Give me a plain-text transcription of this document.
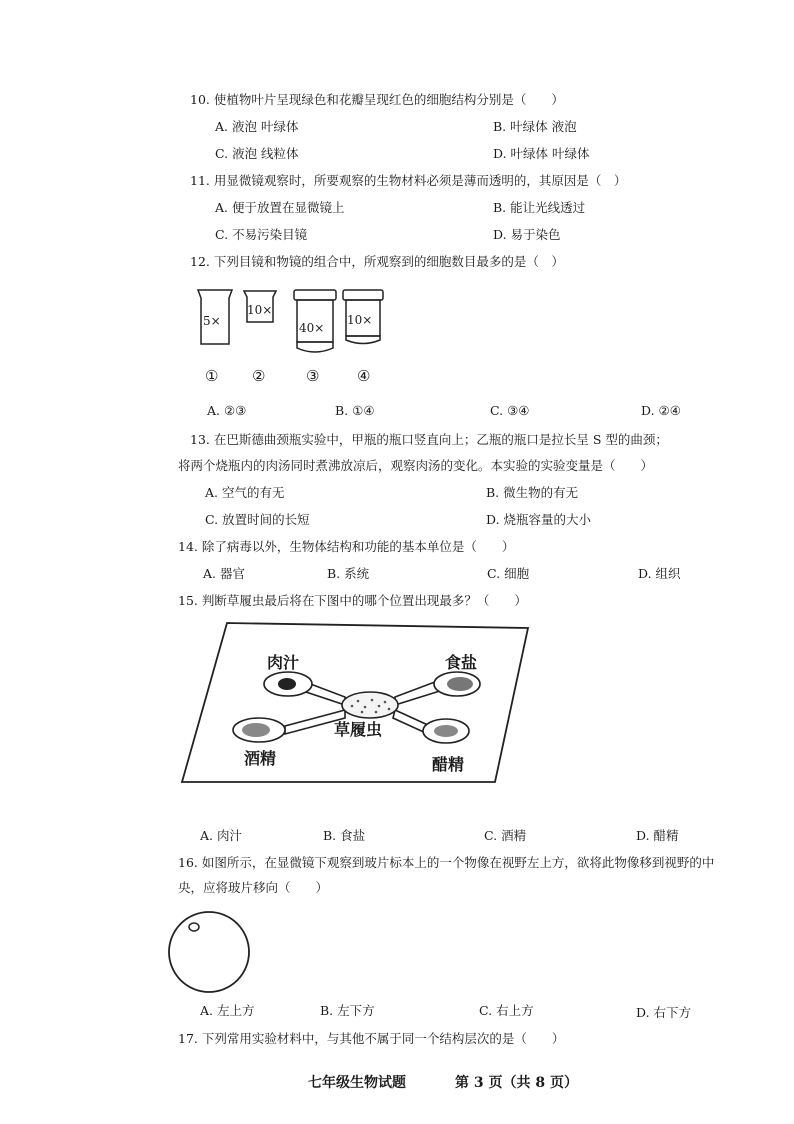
10. 使植物叶片呈现绿色和花瓣呈现红色的细胞结构分别是（　　）
A. 液泡 叶绿体	B. 叶绿体 液泡
C. 液泡 线粒体	D. 叶绿体 叶绿体
11. 用显微镜观察时，所要观察的生物材料必须是薄而透明的，其原因是（　）
A. 便于放置在显微镜上	B. 能让光线透过
C. 不易污染目镜	D. 易于染色
12. 下列目镜和物镜的组合中，所观察到的细胞数目最多的是（　）
5×
10×
40×
10×
① ②	③	④
A. ②③	B. ①④	C. ③④	D. ②④
13. 在巴斯德曲颈瓶实验中，甲瓶的瓶口竖直向上；乙瓶的瓶口是拉长呈 S 型的曲颈；
将两个烧瓶内的肉汤同时煮沸放凉后，观察肉汤的变化。本实验的实验变量是（　　）
A. 空气的有无	B. 微生物的有无
C. 放置时间的长短	D. 烧瓶容量的大小
14. 除了病毒以外，生物体结构和功能的基本单位是（　　）
A. 器官	B. 系统	C. 细胞	D. 组织
15. 判断草履虫最后将在下图中的哪个位置出现最多？（　　）
肉汁	食盐
草履虫
酒精	醋精
A. 肉汁	B. 食盐	C. 酒精	D. 醋精
16. 如图所示，在显微镜下观察到玻片标本上的一个物像在视野左上方，欲将此物像移到视野的中
央，应将玻片移向（　　）
A. 左上方	B. 左下方	C. 右上方	D. 右下方
17. 下列常用实验材料中，与其他不属于同一个结构层次的是（　　）
七年级生物试题	第 3 页（共 8 页）
